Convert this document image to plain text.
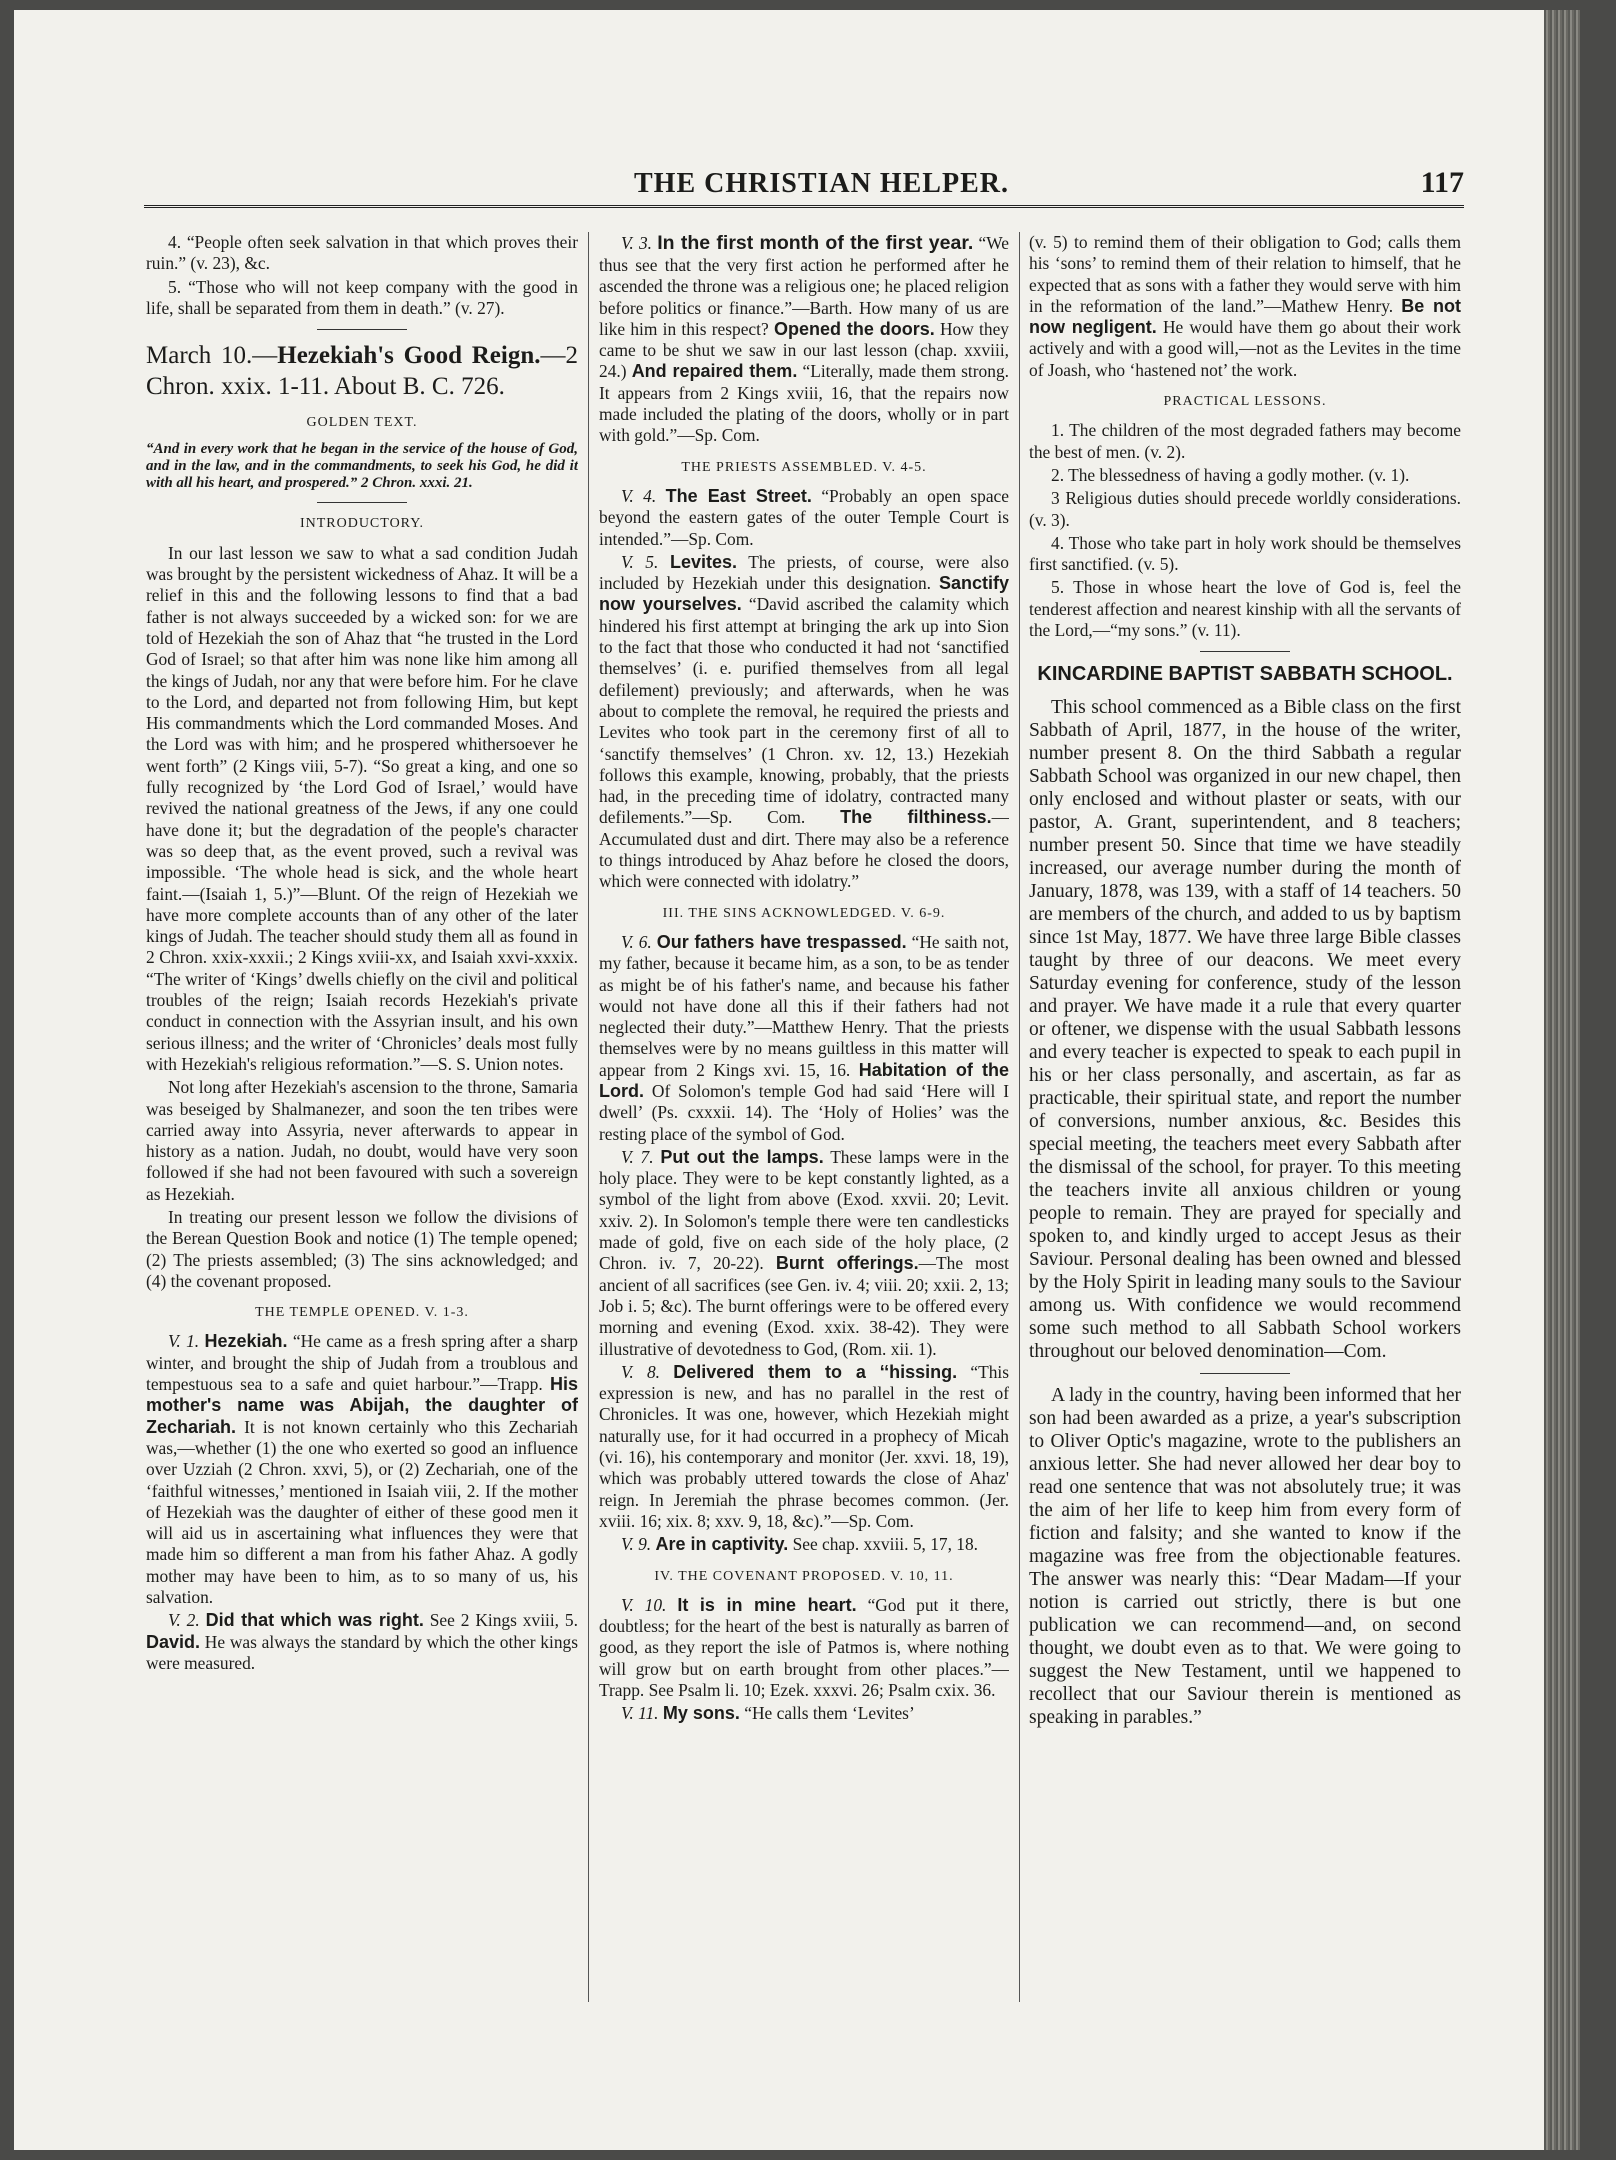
THE CHRISTIAN HELPER.	117

4. “People often seek salvation in that which proves their ruin.” (v. 23), &c.

5. “Those who will not keep company with the good in life, shall be separated from them in death.” (v. 27).

March 10.—Hezekiah's Good Reign.—2 Chron. xxix. 1-11. About B. C. 726.
GOLDEN TEXT.

“And in every work that he began in the service of the house of God, and in the law, and in the commandments, to seek his God, he did it with all his heart, and prospered.” 2 Chron. xxxi. 21.

INTRODUCTORY.

In our last lesson we saw to what a sad condition Judah was brought by the persistent wickedness of Ahaz. It will be a relief in this and the following lessons to find that a bad father is not always succeeded by a wicked son: for we are told of Hezekiah the son of Ahaz that “he trusted in the Lord God of Israel; so that after him was none like him among all the kings of Judah, nor any that were before him. For he clave to the Lord, and departed not from following Him, but kept His commandments which the Lord commanded Moses. And the Lord was with him; and he prospered whithersoever he went forth” (2 Kings viii, 5-7). “So great a king, and one so fully recognized by ‘the Lord God of Israel,’ would have revived the national greatness of the Jews, if any one could have done it; but the degradation of the people's character was so deep that, as the event proved, such a revival was impossible. ‘The whole head is sick, and the whole heart faint.—(Isaiah 1, 5.)”—Blunt. Of the reign of Hezekiah we have more complete accounts than of any other of the later kings of Judah. The teacher should study them all as found in 2 Chron. xxix-xxxii.; 2 Kings xviii-xx, and Isaiah xxvi-xxxix. “The writer of ‘Kings’ dwells chiefly on the civil and political troubles of the reign; Isaiah records Hezekiah's private conduct in connection with the Assyrian insult, and his own serious illness; and the writer of ‘Chronicles’ deals most fully with Hezekiah's religious reformation.”—S. S. Union notes.

Not long after Hezekiah's ascension to the throne, Samaria was beseiged by Shalmanezer, and soon the ten tribes were carried away into Assyria, never afterwards to appear in history as a nation. Judah, no doubt, would have very soon followed if she had not been favoured with such a sovereign as Hezekiah.

In treating our present lesson we follow the divisions of the Berean Question Book and notice (1) The temple opened; (2) The priests assembled; (3) The sins acknowledged; and (4) the covenant proposed.

THE TEMPLE OPENED. V. 1-3.

V. 1. Hezekiah. “He came as a fresh spring after a sharp winter, and brought the ship of Judah from a troublous and tempestuous sea to a safe and quiet harbour.”—Trapp. His mother's name was Abijah, the daughter of Zechariah. It is not known certainly who this Zechariah was,—whether (1) the one who exerted so good an influence over Uzziah (2 Chron. xxvi, 5), or (2) Zechariah, one of the ‘faithful witnesses,’ mentioned in Isaiah viii, 2. If the mother of Hezekiah was the daughter of either of these good men it will aid us in ascertaining what influences they were that made him so different a man from his father Ahaz. A godly mother may have been to him, as to so many of us, his salvation.

V. 2. Did that which was right. See 2 Kings xviii, 5. David. He was always the standard by which the other kings were measured.

V. 3. In the first month of the first year. “We thus see that the very first action he performed after he ascended the throne was a religious one; he placed religion before politics or finance.”—Barth. How many of us are like him in this respect? Opened the doors. How they came to be shut we saw in our last lesson (chap. xxviii, 24.) And repaired them. “Literally, made them strong. It appears from 2 Kings xviii, 16, that the repairs now made included the plating of the doors, wholly or in part with gold.”—Sp. Com.

THE PRIESTS ASSEMBLED. V. 4-5.

V. 4. The East Street. “Probably an open space beyond the eastern gates of the outer Temple Court is intended.”—Sp. Com.

V. 5. Levites. The priests, of course, were also included by Hezekiah under this designation. Sanctify now yourselves. “David ascribed the calamity which hindered his first attempt at bringing the ark up into Sion to the fact that those who conducted it had not ‘sanctified themselves’ (i. e. purified themselves from all legal defilement) previously; and afterwards, when he was about to complete the removal, he required the priests and Levites who took part in the ceremony first of all to ‘sanctify themselves’ (1 Chron. xv. 12, 13.) Hezekiah follows this example, knowing, probably, that the priests had, in the preceding time of idolatry, contracted many defilements.”—Sp. Com. The filthiness.—Accumulated dust and dirt. There may also be a reference to things introduced by Ahaz before he closed the doors, which were connected with idolatry.”

III. THE SINS ACKNOWLEDGED. V. 6-9.

V. 6. Our fathers have trespassed. “He saith not, my father, because it became him, as a son, to be as tender as might be of his father's name, and because his father would not have done all this if their fathers had not neglected their duty.”—Matthew Henry. That the priests themselves were by no means guiltless in this matter will appear from 2 Kings xvi. 15, 16. Habitation of the Lord. Of Solomon's temple God had said ‘Here will I dwell’ (Ps. cxxxii. 14). The ‘Holy of Holies’ was the resting place of the symbol of God.

V. 7. Put out the lamps. These lamps were in the holy place. They were to be kept constantly lighted, as a symbol of the light from above (Exod. xxvii. 20; Levit. xxiv. 2). In Solomon's temple there were ten candlesticks made of gold, five on each side of the holy place, (2 Chron. iv. 7, 20-22). Burnt offerings.—The most ancient of all sacrifices (see Gen. iv. 4; viii. 20; xxii. 2, 13; Job i. 5; &c). The burnt offerings were to be offered every morning and evening (Exod. xxix. 38-42). They were illustrative of devotedness to God, (Rom. xii. 1).

V. 8. Delivered them to a ‘‘hissing. “This expression is new, and has no parallel in the rest of Chronicles. It was one, however, which Hezekiah might naturally use, for it had occurred in a prophecy of Micah (vi. 16), his contemporary and monitor (Jer. xxvi. 18, 19), which was probably uttered towards the close of Ahaz' reign. In Jeremiah the phrase becomes common. (Jer. xviii. 16; xix. 8; xxv. 9, 18, &c).”—Sp. Com.

V. 9. Are in captivity. See chap. xxviii. 5, 17, 18.

IV. THE COVENANT PROPOSED. V. 10, 11.

V. 10. It is in mine heart. “God put it there, doubtless; for the heart of the best is naturally as barren of good, as they report the isle of Patmos is, where nothing will grow but on earth brought from other places.”—Trapp. See Psalm li. 10; Ezek. xxxvi. 26; Psalm cxix. 36.

V. 11. My sons. “He calls them ‘Levites’

(v. 5) to remind them of their obligation to God; calls them his ‘sons’ to remind them of their relation to himself, that he expected that as sons with a father they would serve with him in the reformation of the land.”—Mathew Henry. Be not now negligent. He would have them go about their work actively and with a good will,—not as the Levites in the time of Joash, who ‘hastened not’ the work.

PRACTICAL LESSONS.

1. The children of the most degraded fathers may become the best of men. (v. 2).

2. The blessedness of having a godly mother. (v. 1).

3 Religious duties should precede worldly considerations. (v. 3).

4. Those who take part in holy work should be themselves first sanctified. (v. 5).

5. Those in whose heart the love of God is, feel the tenderest affection and nearest kinship with all the servants of the Lord,—“my sons.” (v. 11).

KINCARDINE BAPTIST SABBATH SCHOOL.

This school commenced as a Bible class on the first Sabbath of April, 1877, in the house of the writer, number present 8. On the third Sabbath a regular Sabbath School was organized in our new chapel, then only enclosed and without plaster or seats, with our pastor, A. Grant, superintendent, and 8 teachers; number present 50. Since that time we have steadily increased, our average number during the month of January, 1878, was 139, with a staff of 14 teachers. 50 are members of the church, and added to us by baptism since 1st May, 1877. We have three large Bible classes taught by three of our deacons. We meet every Saturday evening for conference, study of the lesson and prayer. We have made it a rule that every quarter or oftener, we dispense with the usual Sabbath lessons and every teacher is expected to speak to each pupil in his or her class personally, and ascertain, as far as practicable, their spiritual state, and report the number of conversions, number anxious, &c. Besides this special meeting, the teachers meet every Sabbath after the dismissal of the school, for prayer. To this meeting the teachers invite all anxious children or young people to remain. They are prayed for specially and spoken to, and kindly urged to accept Jesus as their Saviour. Personal dealing has been owned and blessed by the Holy Spirit in leading many souls to the Saviour among us. With confidence we would recommend some such method to all Sabbath School workers throughout our beloved denomination—Com.

A lady in the country, having been informed that her son had been awarded as a prize, a year's subscription to Oliver Optic's magazine, wrote to the publishers an anxious letter. She had never allowed her dear boy to read one sentence that was not absolutely true; it was the aim of her life to keep him from every form of fiction and falsity; and she wanted to know if the magazine was free from the objectionable features. The answer was nearly this: “Dear Madam—If your notion is carried out strictly, there is but one publication we can recommend—and, on second thought, we doubt even as to that. We were going to suggest the New Testament, until we happened to recollect that our Saviour therein is mentioned as speaking in parables.”
